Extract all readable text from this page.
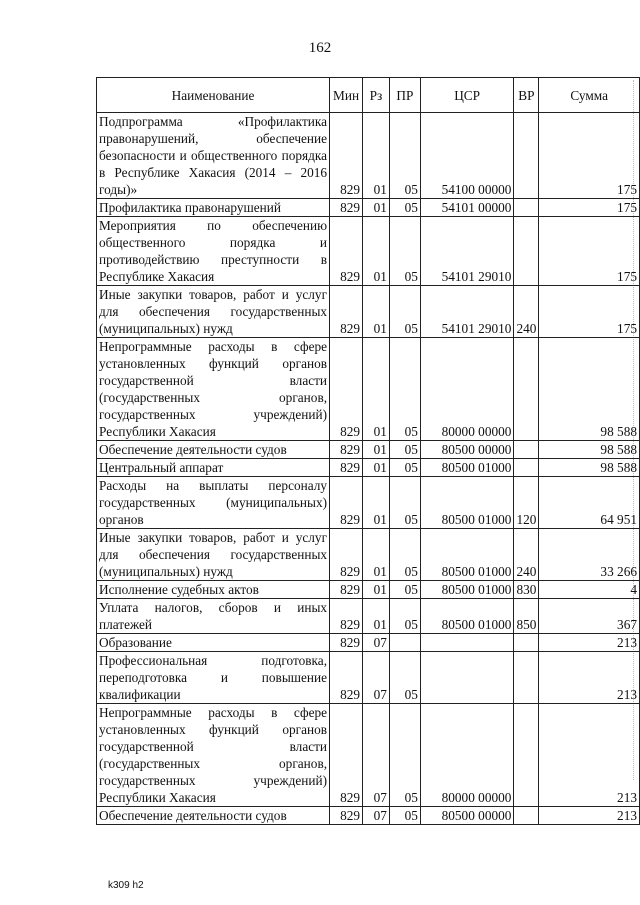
162
Наименование	Мин	Рз	ПР	ЦСР	ВР	Сумма
Подпрограмма «Профилактика правонарушений, обеспечение безопасности и общественного порядка в Республике Хакасия (2014 – 2016 годы)»	829	01	05	54100 00000		175
Профилактика правонарушений	829	01	05	54101 00000		175
Мероприятия по обеспечению общественного порядка и противодействию преступности в Республике Хакасия	829	01	05	54101 29010		175
Иные закупки товаров, работ и услуг для обеспечения государственных (муниципальных) нужд	829	01	05	54101 29010	240	175
Непрограммные расходы в сфере установленных функций органов государственной власти (государственных органов, государственных учреждений) Республики Хакасия	829	01	05	80000 00000		98 588
Обеспечение деятельности судов	829	01	05	80500 00000		98 588
Центральный аппарат	829	01	05	80500 01000		98 588
Расходы на выплаты персоналу государственных (муниципальных) органов	829	01	05	80500 01000	120	64 951
Иные закупки товаров, работ и услуг для обеспечения государственных (муниципальных) нужд	829	01	05	80500 01000	240	33 266
Исполнение судебных актов	829	01	05	80500 01000	830	4
Уплата налогов, сборов и иных платежей	829	01	05	80500 01000	850	367
Образование	829	07				213
Профессиональная подготовка, переподготовка и повышение квалификации	829	07	05			213
Непрограммные расходы в сфере установленных функций органов государственной власти (государственных органов, государственных учреждений) Республики Хакасия	829	07	05	80000 00000		213
Обеспечение деятельности судов	829	07	05	80500 00000		213
k309 h2
